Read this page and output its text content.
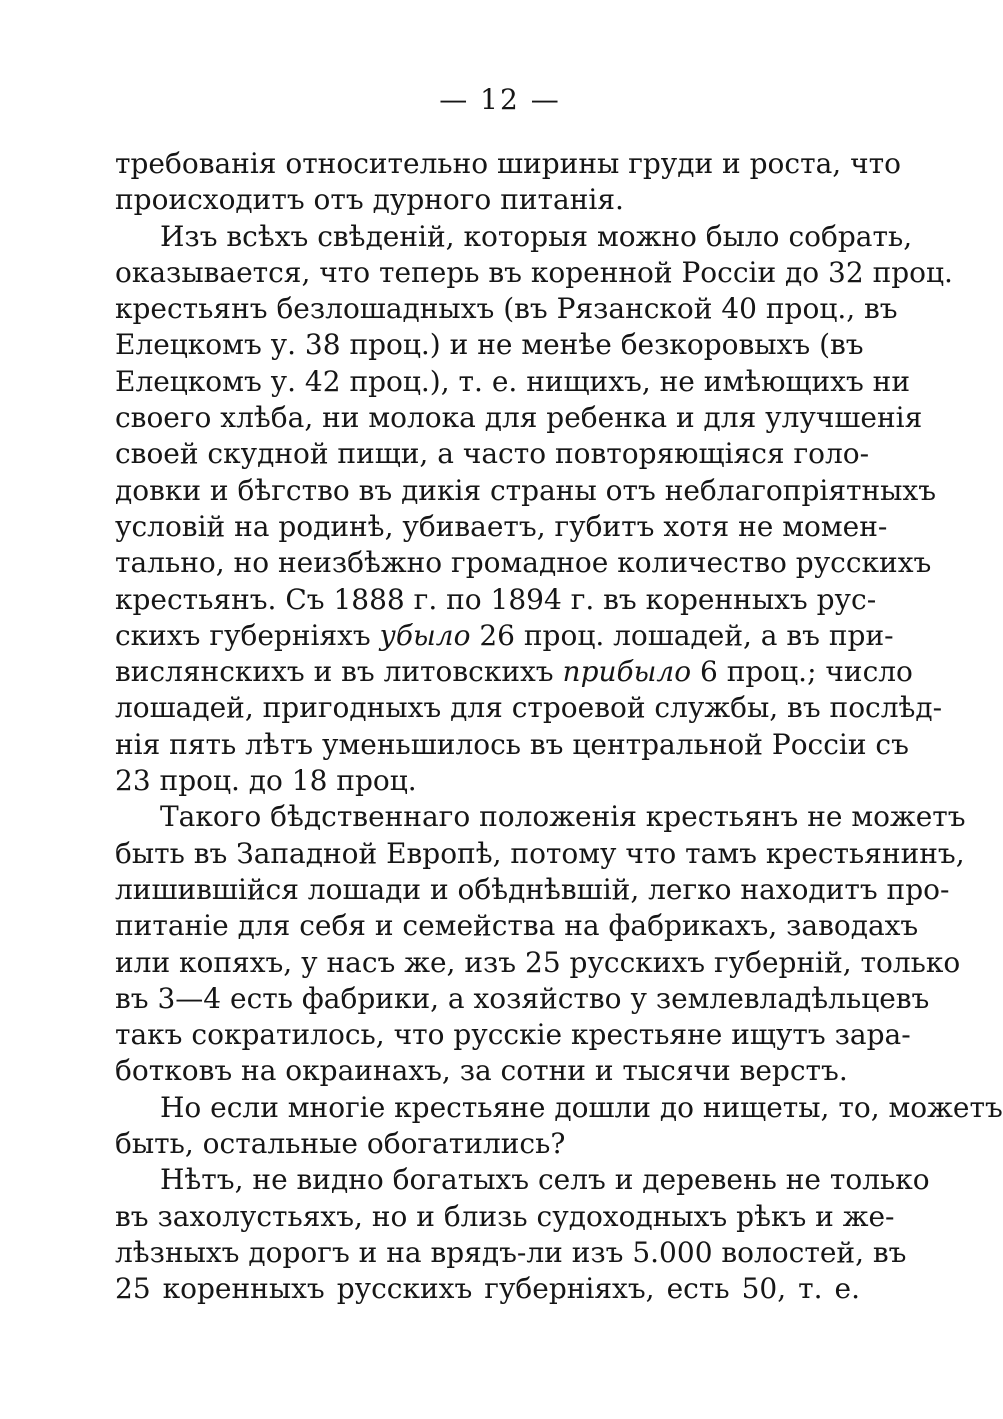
— 12 —
требованія относительно ширины груди и роста, что
происходитъ отъ дурного питанія.
Изъ всѣхъ свѣденій, которыя можно было собрать,
оказывается, что теперь въ коренной Россіи до 32 проц.
крестьянъ безлошадныхъ (въ Рязанской 40 проц., въ
Елецкомъ у. 38 проц.) и не менѣе безкоровыхъ (въ
Елецкомъ у. 42 проц.), т. е. нищихъ, не имѣющихъ ни
своего хлѣба, ни молока для ребенка и для улучшенія
своей скудной пищи, а часто повторяющіяся голо-
довки и бѣгство въ дикія страны отъ неблагопріятныхъ
условій на родинѣ, убиваетъ, губитъ хотя не момен-
тально, но неизбѣжно громадное количество русскихъ
крестьянъ. Съ 1888 г. по 1894 г. въ коренныхъ рус-
скихъ губерніяхъ убыло 26 проц. лошадей, а въ при-
вислянскихъ и въ литовскихъ прибыло 6 проц.; число
лошадей, пригодныхъ для строевой службы, въ послѣд-
нія пять лѣтъ уменьшилось въ центральной Россіи съ
23 проц. до 18 проц.
Такого бѣдственнаго положенія крестьянъ не можетъ
быть въ Западной Европѣ, потому что тамъ крестьянинъ,
лишившійся лошади и обѣднѣвшій, легко находитъ про-
питаніе для себя и семейства на фабрикахъ, заводахъ
или копяхъ, у насъ же, изъ 25 русскихъ губерній, только
въ 3—4 есть фабрики, а хозяйство у землевладѣльцевъ
такъ сократилось, что русскіе крестьяне ищутъ зара-
ботковъ на окраинахъ, за сотни и тысячи верстъ.
Но если многіе крестьяне дошли до нищеты, то, можетъ
быть, остальные обогатились?
Нѣтъ, не видно богатыхъ селъ и деревень не только
въ захолустьяхъ, но и близь судоходныхъ рѣкъ и же-
лѣзныхъ дорогъ и на врядъ-ли изъ 5.000 волостей, въ
25 коренныхъ русскихъ губерніяхъ, есть 50, т. е.
